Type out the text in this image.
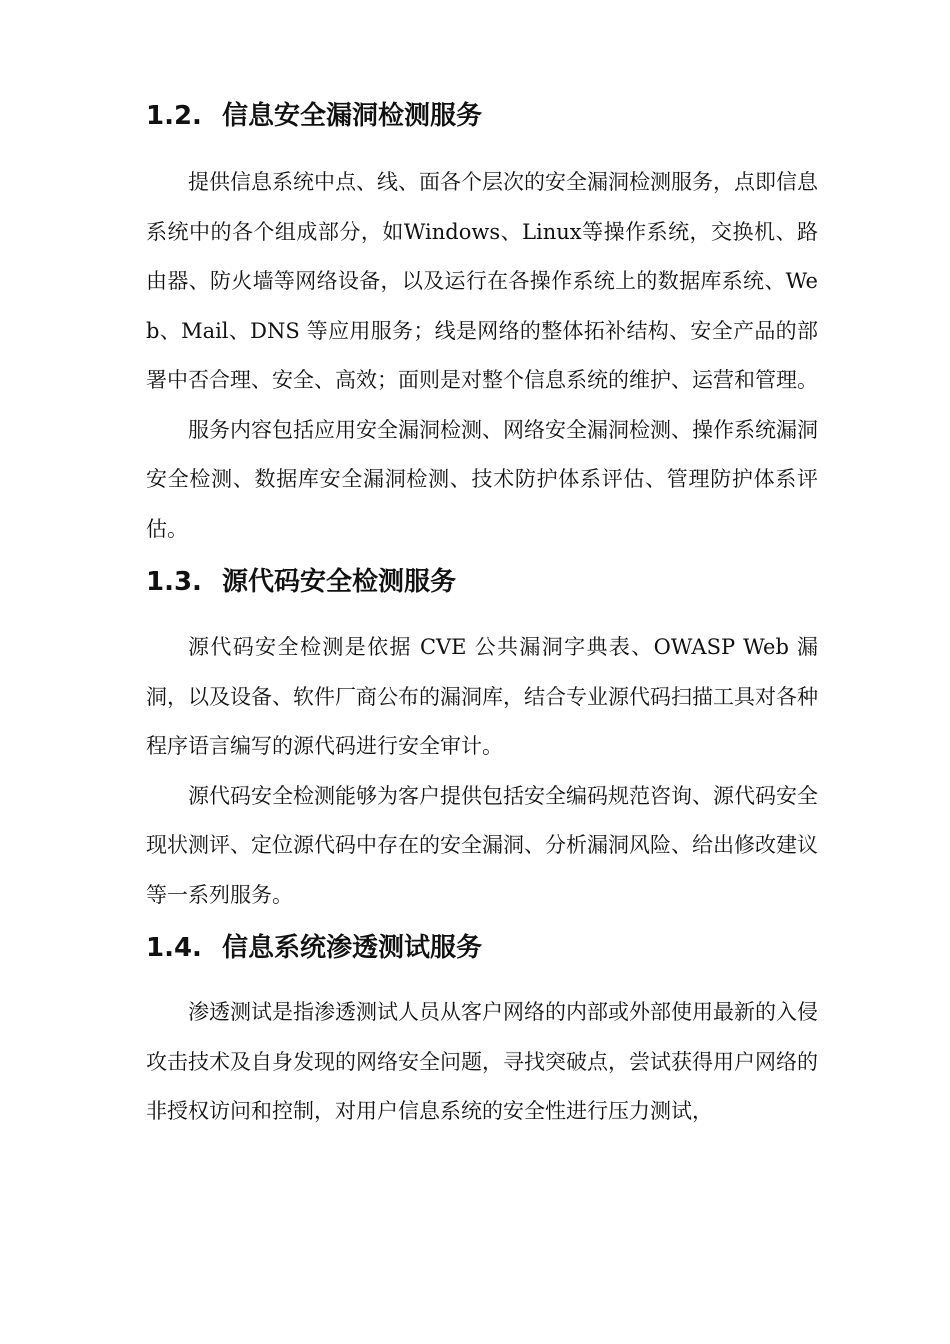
1.2. 信息安全漏洞检测服务

提供信息系统中点、线、面各个层次的安全漏洞检测服务，点即信息系统中的各个组成部分，如Windows、Linux等操作系统，交换机、路由器、防火墙等网络设备，以及运行在各操作系统上的数据库系统、Web、Mail、DNS 等应用服务；线是网络的整体拓补结构、安全产品的部署中否合理、安全、高效；面则是对整个信息系统的维护、运营和管理。

服务内容包括应用安全漏洞检测、网络安全漏洞检测、操作系统漏洞安全检测、数据库安全漏洞检测、技术防护体系评估、管理防护体系评估。

1.3. 源代码安全检测服务

源代码安全检测是依据 CVE 公共漏洞字典表、OWASP Web 漏洞，以及设备、软件厂商公布的漏洞库，结合专业源代码扫描工具对各种程序语言编写的源代码进行安全审计。

源代码安全检测能够为客户提供包括安全编码规范咨询、源代码安全现状测评、定位源代码中存在的安全漏洞、分析漏洞风险、给出修改建议等一系列服务。

1.4. 信息系统渗透测试服务

渗透测试是指渗透测试人员从客户网络的内部或外部使用最新的入侵攻击技术及自身发现的网络安全问题，寻找突破点，尝试获得用户网络的非授权访问和控制，对用户信息系统的安全性进行压力测试，
